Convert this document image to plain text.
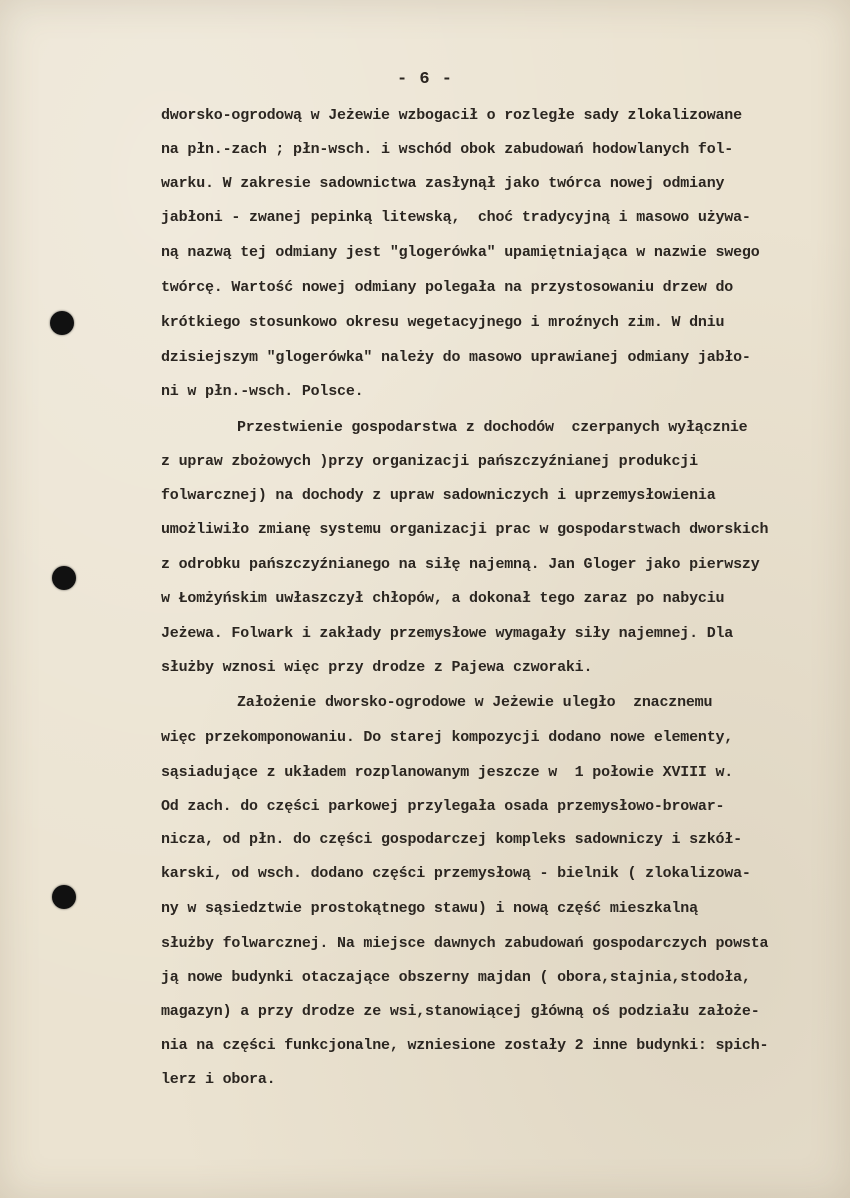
- 6 -
dworsko-ogrodową w Jeżewie wzbogacił o rozległe sady zlokalizowane
na płn.-zach ; płn-wsch. i wschód obok zabudowań hodowlanych fol-
warku. W zakresie sadownictwa zasłynął jako twórca nowej odmiany
jabłoni - zwanej pepinką litewską,  choć tradycyjną i masowo używa-
ną nazwą tej odmiany jest "glogerówka" upamiętniająca w nazwie swego
twórcę. Wartość nowej odmiany polegała na przystosowaniu drzew do
krótkiego stosunkowo okresu wegetacyjnego i mroźnych zim. W dniu
dzisiejszym "glogerówka" należy do masowo uprawianej odmiany jabło-
ni w płn.-wsch. Polsce.
Przestwienie gospodarstwa z dochodów  czerpanych wyłącznie
z upraw zbożowych )przy organizacji pańszczyźnianej produkcji
folwarcznej) na dochody z upraw sadowniczych i uprzemysłowienia
umożliwiło zmianę systemu organizacji prac w gospodarstwach dworskich
z odrobku pańszczyźnianego na siłę najemną. Jan Gloger jako pierwszy
w Łomżyńskim uwłaszczył chłopów, a dokonał tego zaraz po nabyciu
Jeżewa. Folwark i zakłady przemysłowe wymagały siły najemnej. Dla
służby wznosi więc przy drodze z Pajewa czworaki.
Założenie dworsko-ogrodowe w Jeżewie uległo  znacznemu
więc przekomponowaniu. Do starej kompozycji dodano nowe elementy,
sąsiadujące z układem rozplanowanym jeszcze w  1 połowie XVIII w.
Od zach. do części parkowej przylegała osada przemysłowo-browar-
nicza, od płn. do części gospodarczej kompleks sadowniczy i szkół-
karski, od wsch. dodano części przemysłową - bielnik ( zlokalizowa-
ny w sąsiedztwie prostokątnego stawu) i nową część mieszkalną
służby folwarcznej. Na miejsce dawnych zabudowań gospodarczych powsta
ją nowe budynki otaczające obszerny majdan ( obora,stajnia,stodoła,
magazyn) a przy drodze ze wsi,stanowiącej główną oś podziału założe-
nia na części funkcjonalne, wzniesione zostały 2 inne budynki: spich-
lerz i obora.
